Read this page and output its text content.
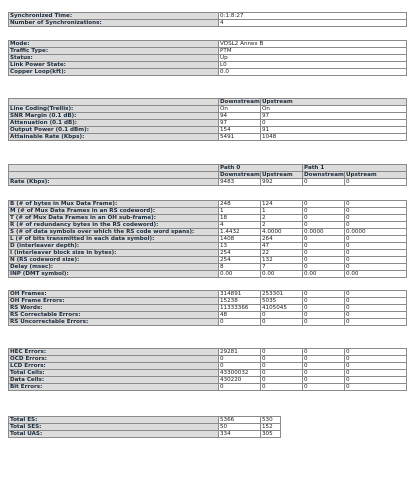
Synchronized Time:	0:1:8:27
Number of Synchronizations:	4
Mode:	VDSL2 Annex B
Traffic Type:	PTM
Status:	Up
Link Power State:	L0
Copper Loop(kft):	0.0
	Downstream	Upstream
Line Coding(Trellis):	On	On
SNR Margin (0.1 dB):	94	97
Attenuation (0.1 dB):	97	0
Output Power (0.1 dBm):	154	91
Attainable Rate (Kbps):	5491	1048
	Path 0		Path 1	
	Downstream	Upstream	Downstream	Upstream
Rate (Kbps):	9483	992	0	0
B (# of bytes in Mux Data Frame):	248	124	0	0
M (# of Mux Data Frames in an RS codeword):	1	1	0	0
T (# of Mux Data Frames in an OH sub-frame):	18	2	0	0
R (# of redundancy bytes in the RS codeword):	4	2	0	0
S (# of data symbols over which the RS code word spans):	1.4432	4.0000	0.0000	0.0000
L (# of bits transmitted in each data symbol):	1408	264	0	0
D (interleaver depth):	13	47	0	0
I (interleaver block size in bytes):	254	22	0	0
N (RS codeword size):	254	132	0	0
Delay (msec):	8	7	0	0
INP (DMT symbol):	0.00	0.00	0.00	0.00
OH Frames:	314891	253301	0	0
OH Frame Errors:	15238	5035	0	0
RS Words:	11333366	4105045	0	0
RS Correctable Errors:	48	0	0	0
RS Uncorrectable Errors:	0	0	0	0
HEC Errors:	29281	0	0	0
OCD Errors:	0	0	0	0
LCD Errors:	0	0	0	0
Total Cells:	43300032	0	0	0
Data Cells:	430220	0	0	0
Bit Errors:	0	0	0	0
Total ES:	5366	530
Total SES:	50	152
Total UAS:	334	305
